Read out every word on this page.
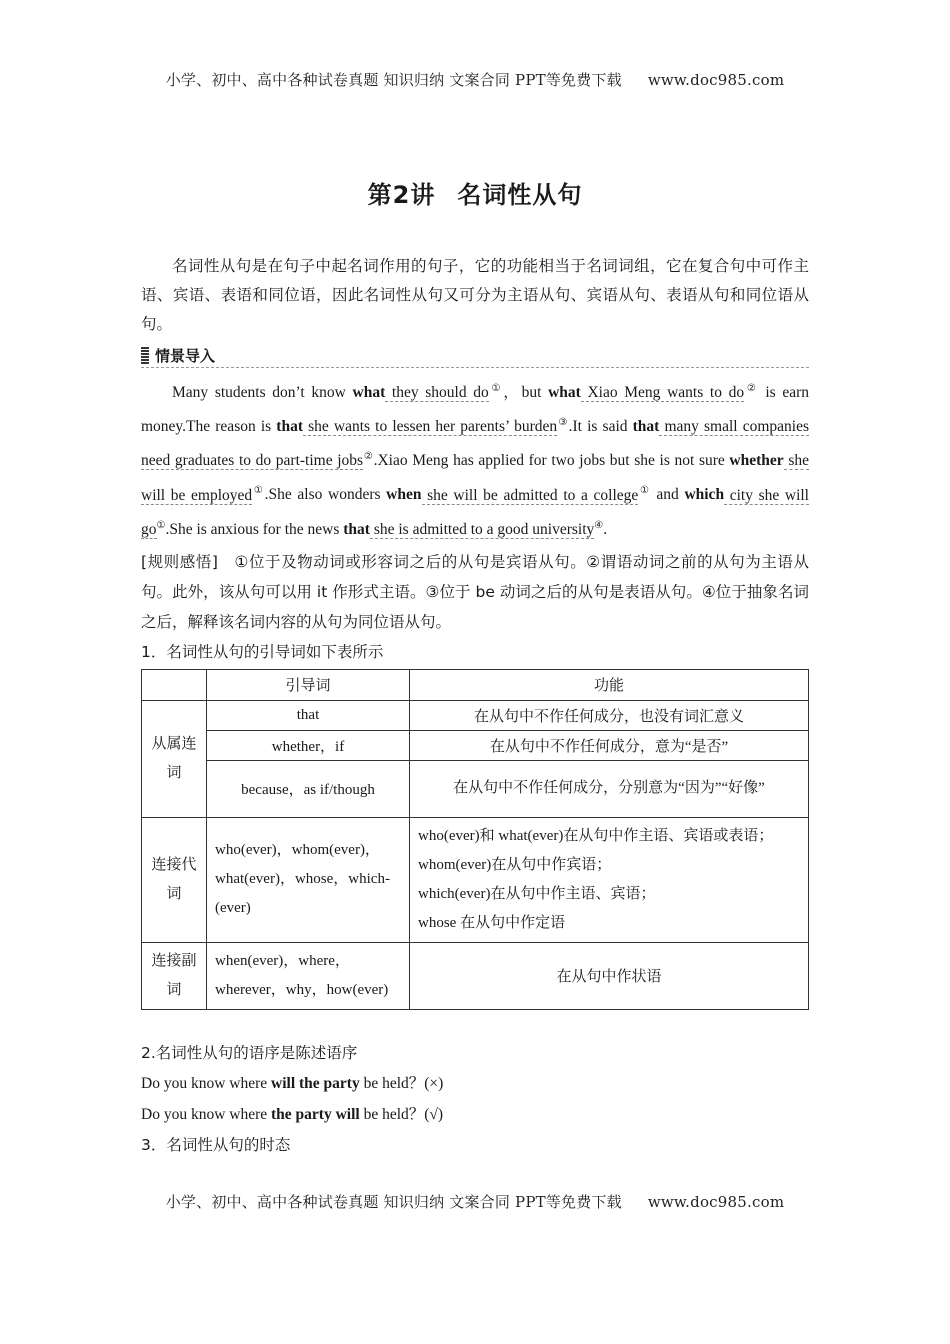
小学、初中、高中各种试卷真题 知识归纳 文案合同 PPT等免费下载 www.doc985.com
第2讲 名词性从句

名词性从句是在句子中起名词作用的句子，它的功能相当于名词词组，它在复合句中可作主语、宾语、表语和同位语，因此名词性从句又可分为主语从句、宾语从句、表语从句和同位语从句。

情景导入

Many students don’t know what they should do①，but what Xiao Meng wants to do② is earn money.The reason is that she wants to lessen her parents’ burden③.It is said that many small companies need graduates to do part-time jobs②.Xiao Meng has applied for two jobs but she is not sure whether she will be employed①.She also wonders when she will be admitted to a college① and which city she will go①.She is anxious for the news that she is admitted to a good university④.

[规则感悟]　①位于及物动词或形容词之后的从句是宾语从句。②谓语动词之前的从句为主语从句。此外，该从句可以用 it 作形式主语。③位于 be 动词之后的从句是表语从句。④位于抽象名词之后，解释该名词内容的从句为同位语从句。

1．名词性从句的引导词如下表所示

	引导词	功能
从属连词	that	在从句中不作任何成分，也没有词汇意义
	whether，if	在从句中不作任何成分，意为“是否”
	because，as if/though	在从句中不作任何成分，分别意为“因为”“好像”
连接代词	who(ever)，whom(ever)，what(ever)，whose，which-(ever)	who(ever)和 what(ever)在从句中作主语、宾语或表语；
whom(ever)在从句中作宾语；
which(ever)在从句中作主语、宾语；
whose 在从句中作定语

连接副词	when(ever)，where，wherever，why，how(ever)	在从句中作状语

2.名词性从句的语序是陈述语序

Do you know where will the party be held？(×)

Do you know where the party will be held？(√)

3．名词性从句的时态

小学、初中、高中各种试卷真题 知识归纳 文案合同 PPT等免费下载 www.doc985.com
